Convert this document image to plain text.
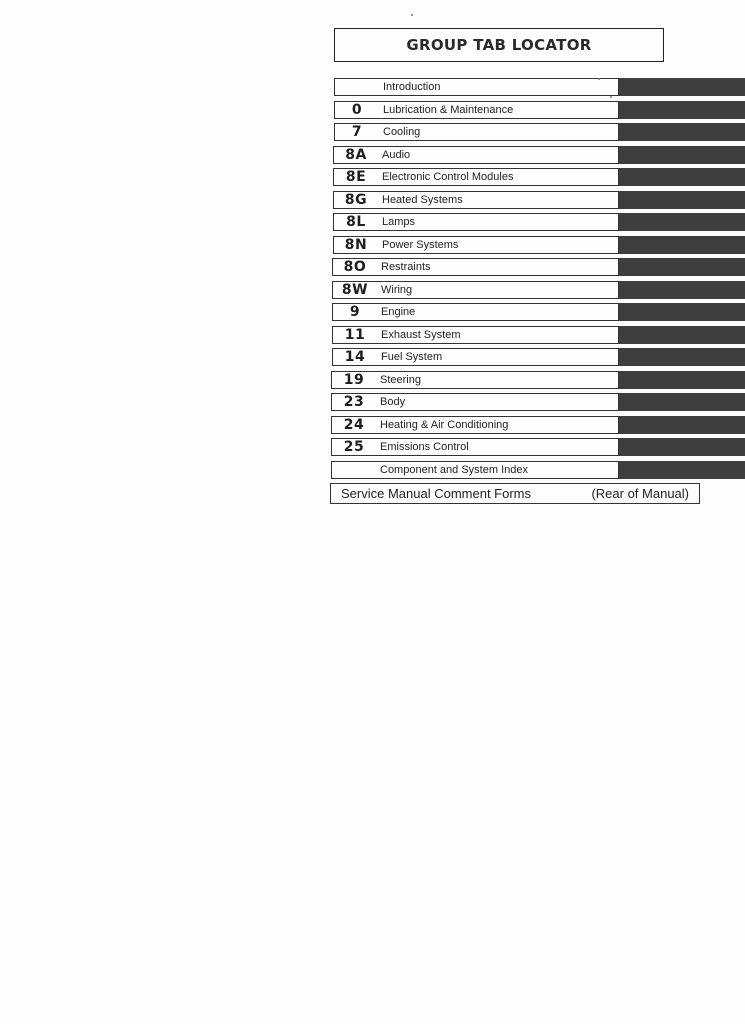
GROUP TAB LOCATOR
Introduction
0	Lubrication & Maintenance
7	Cooling
8A	Audio
8E	Electronic Control Modules
8G	Heated Systems
8L	Lamps
8N	Power Systems
8O	Restraints
8W	Wiring
9	Engine
11	Exhaust System
14	Fuel System
19	Steering
23	Body
24	Heating & Air Conditioning
25	Emissions Control
Component and System Index
Service Manual Comment Forms	(Rear of Manual)
